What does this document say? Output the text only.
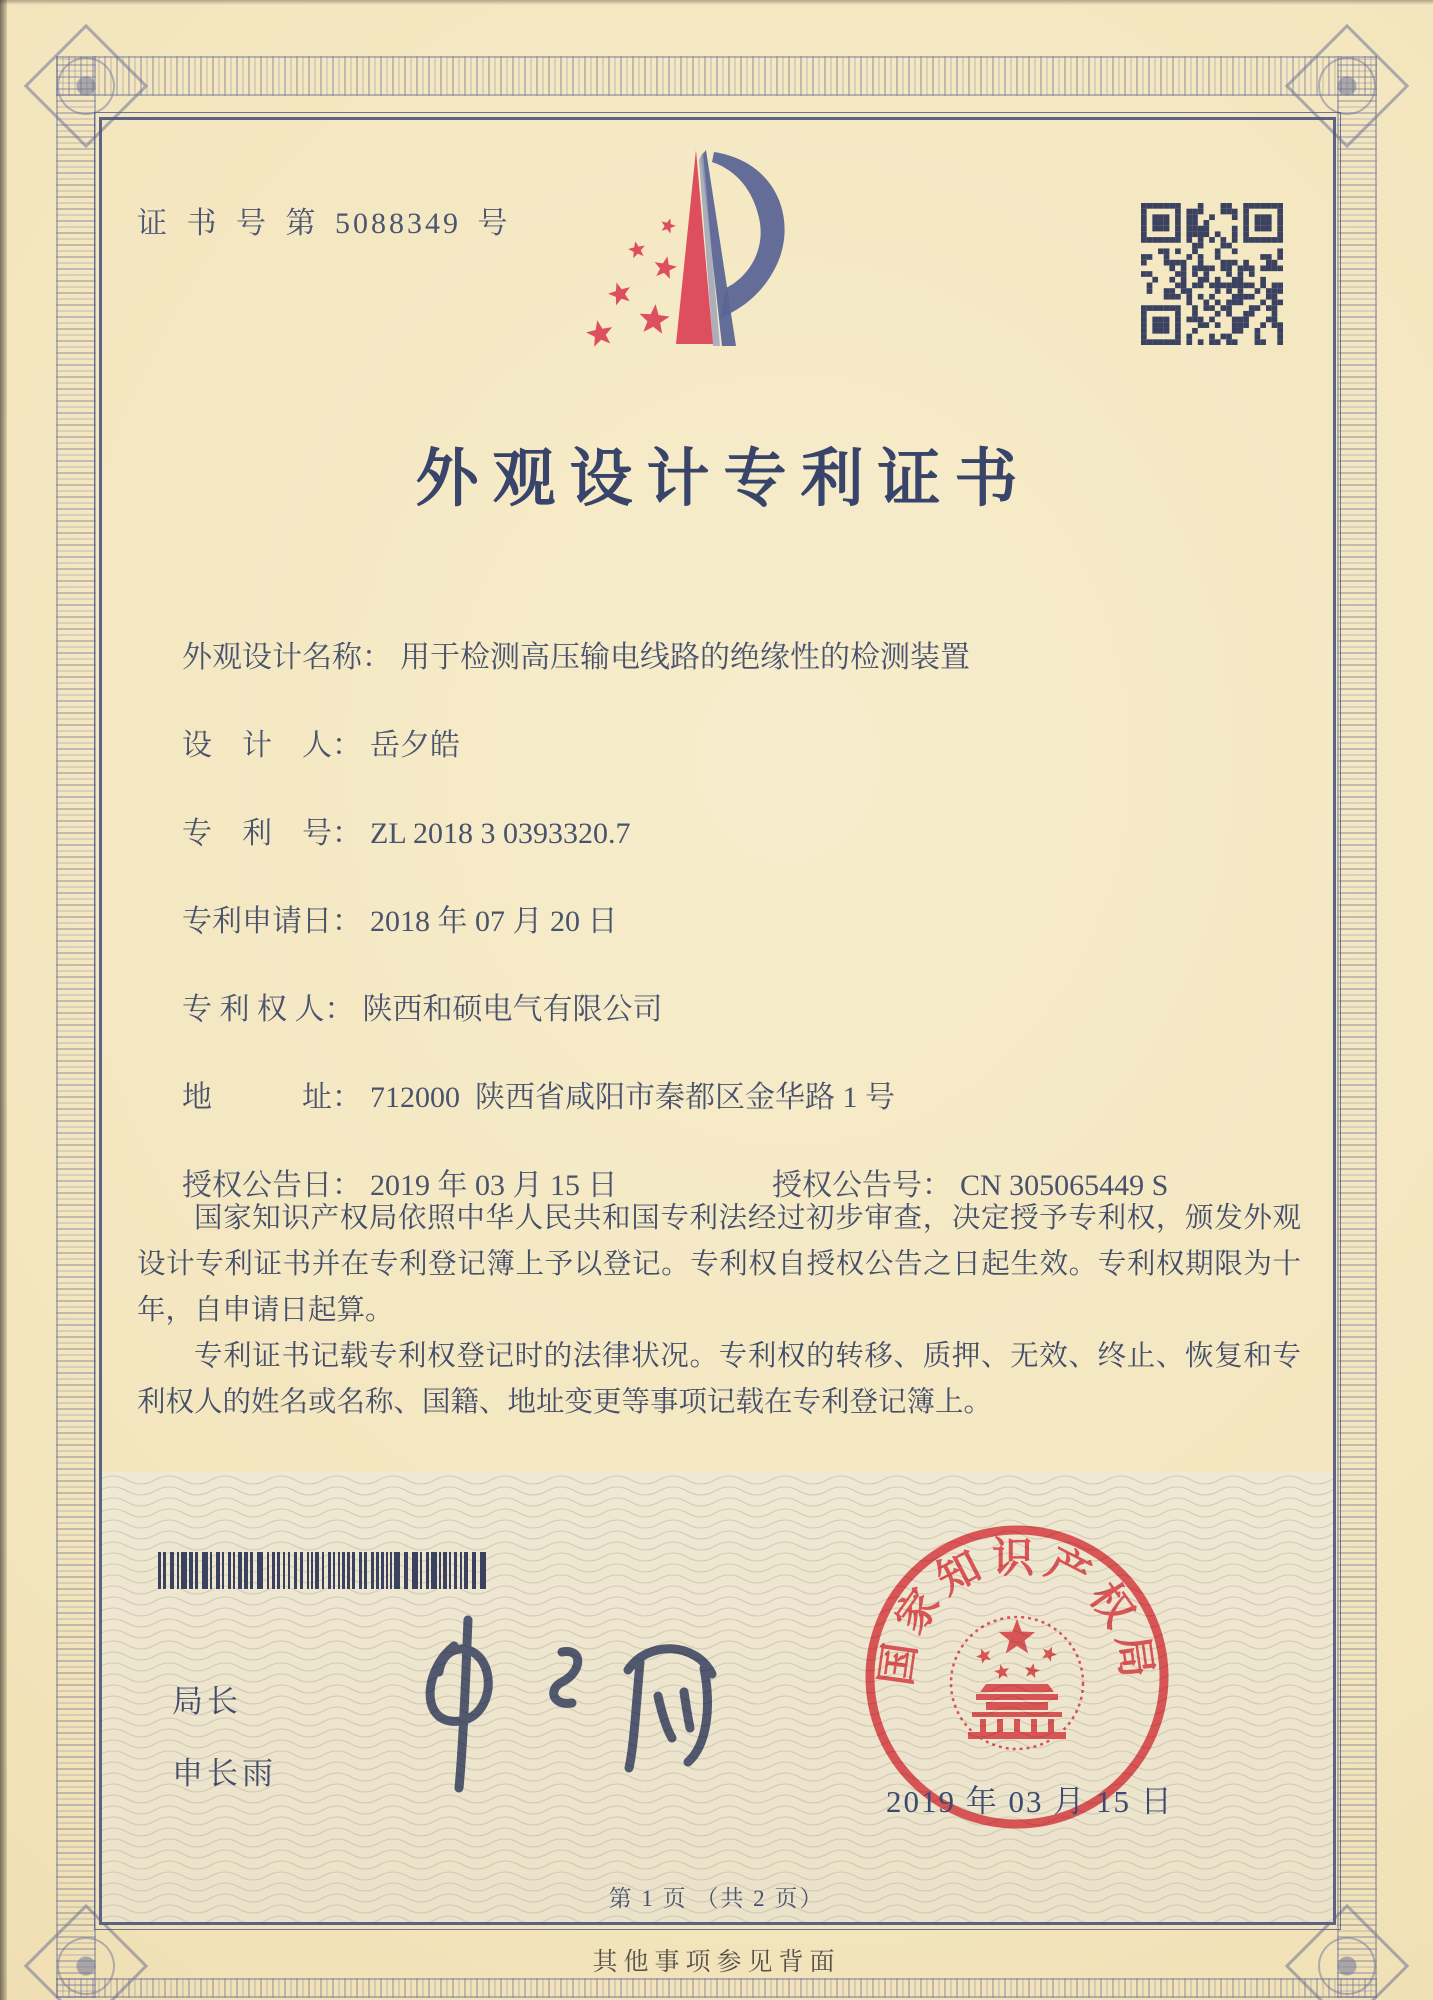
证 书 号 第 5088349 号
外观设计专利证书

外观设计名称： 用于检测高压输电线路的绝缘性的检测装置

设　计　人： 岳夕皓

专　利　号： ZL 2018 3 0393320.7

专利申请日： 2018 年 07 月 20 日

专 利 权 人： 陕西和硕电气有限公司

地　　　址： 712000  陕西省咸阳市秦都区金华路 1 号

授权公告日： 2019 年 03 月 15 日
	授权公告号： CN 305065449 S

国家知识产权局依照中华人民共和国专利法经过初步审查，决定授予专利权，颁发外观设计专利证书并在专利登记簿上予以登记。专利权自授权公告之日起生效。专利权期限为十年，自申请日起算。

专利证书记载专利权登记时的法律状况。专利权的转移、质押、无效、终止、恢复和专利权人的姓名或名称、国籍、地址变更等事项记载在专利登记簿上。

局长
申长雨
国家知识产权局
2019 年 03 月 15 日
第 1 页 （共 2 页）
其他事项参见背面
